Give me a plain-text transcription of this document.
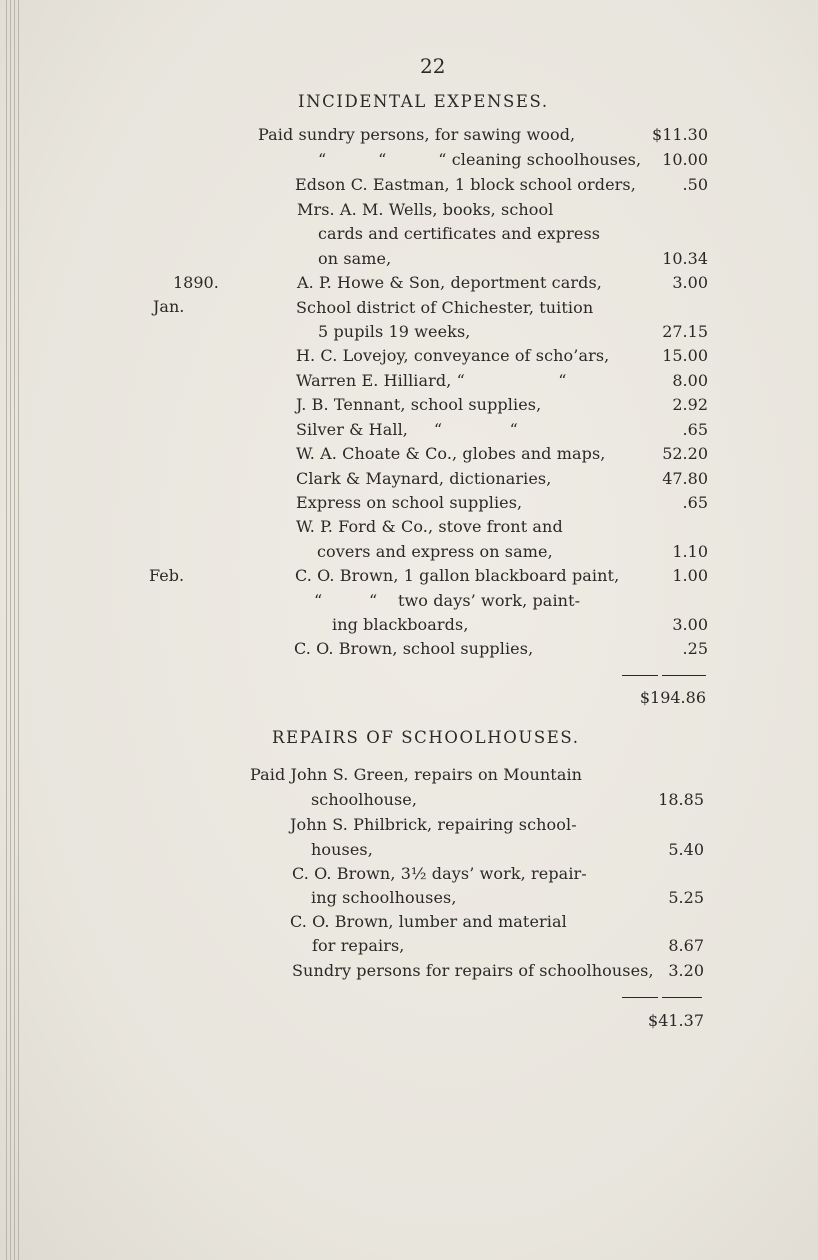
22
INCIDENTAL EXPENSES.
1890.
Jan.
Feb.
Paid sundry persons, for sawing wood,
“          “          “ cleaning schoolhouses,
Edson C. Eastman, 1 block school orders,
Mrs. A. M. Wells, books, school
cards and certificates and express
on same,
A. P. Howe & Son, deportment cards,
School district of Chichester, tuition
5 pupils 19 weeks,
H. C. Lovejoy, conveyance of scho’ars,
Warren E. Hilliard, “                  “
J. B. Tennant, school supplies,
Silver & Hall,     “             “
W. A. Choate & Co., globes and maps,
Clark & Maynard, dictionaries,
Express on school supplies,
W. P. Ford & Co., stove front and
covers and express on same,
C. O. Brown, 1 gallon blackboard paint,
“         “    two days’ work, paint-
ing blackboards,
C. O. Brown, school supplies,
$11.30
10.00
.50
10.34
3.00
27.15
15.00
8.00
2.92
.65
52.20
47.80
.65
1.10
1.00
3.00
.25
$194.86
REPAIRS OF SCHOOLHOUSES.
Paid John S. Green, repairs on Mountain
schoolhouse,
John S. Philbrick, repairing school-
houses,
C. O. Brown, 3½ days’ work, repair-
ing schoolhouses,
C. O. Brown, lumber and material
for repairs,
Sundry persons for repairs of schoolhouses,
18.85
5.40
5.25
8.67
3.20
$41.37
